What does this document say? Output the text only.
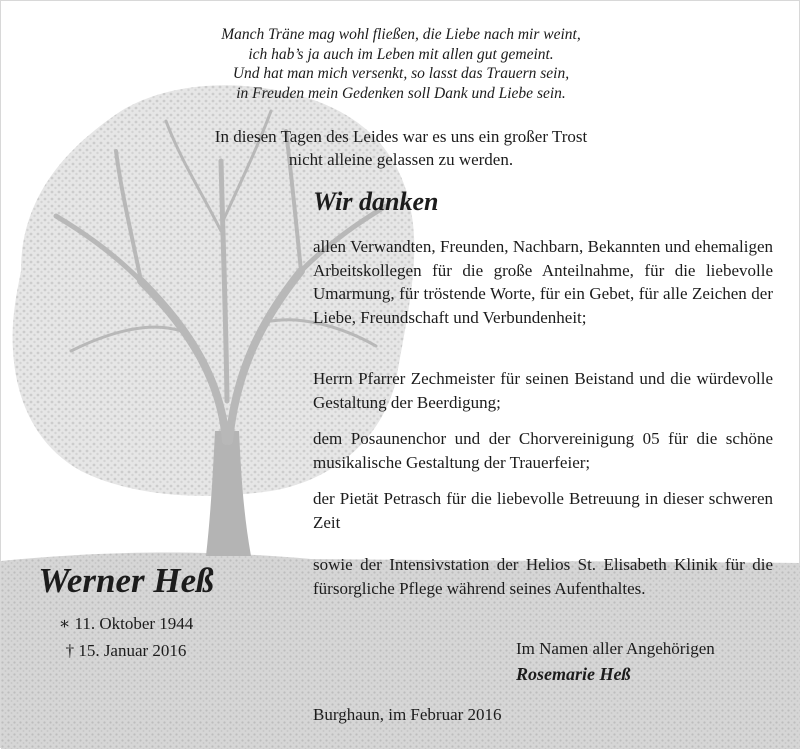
Manch Träne mag wohl fließen, die Liebe nach mir weint,
ich hab’s ja auch im Leben mit allen gut gemeint.
Und hat man mich versenkt, so lasst das Trauern sein,
in Freuden mein Gedenken soll Dank und Liebe sein.
In diesen Tagen des Leides war es uns ein großer Trost
nicht alleine gelassen zu werden.
Wir danken
allen Verwandten, Freunden, Nachbarn, Bekannten und ehemaligen Arbeitskollegen für die große Anteilnahme, für die liebevolle Umarmung, für tröstende Worte, für ein Gebet, für alle Zeichen der Liebe, Freundschaft und Verbundenheit;
Herrn Pfarrer Zechmeister für seinen Beistand und die würdevolle Gestaltung der Beerdigung;
dem Posaunenchor und der Chorvereinigung 05 für die schöne musikalische Gestaltung der Trauerfeier;
der Pietät Petrasch für die liebevolle Betreuung in dieser schweren Zeit
sowie der Intensivstation der Helios St. Elisabeth Klinik für die fürsorgliche Pflege während seines Aufenthaltes.
Werner Heß
∗ 11. Oktober 1944
† 15. Januar 2016	Im Namen aller Angehörigen
Rosemarie Heß
Burghaun, im Februar 2016
